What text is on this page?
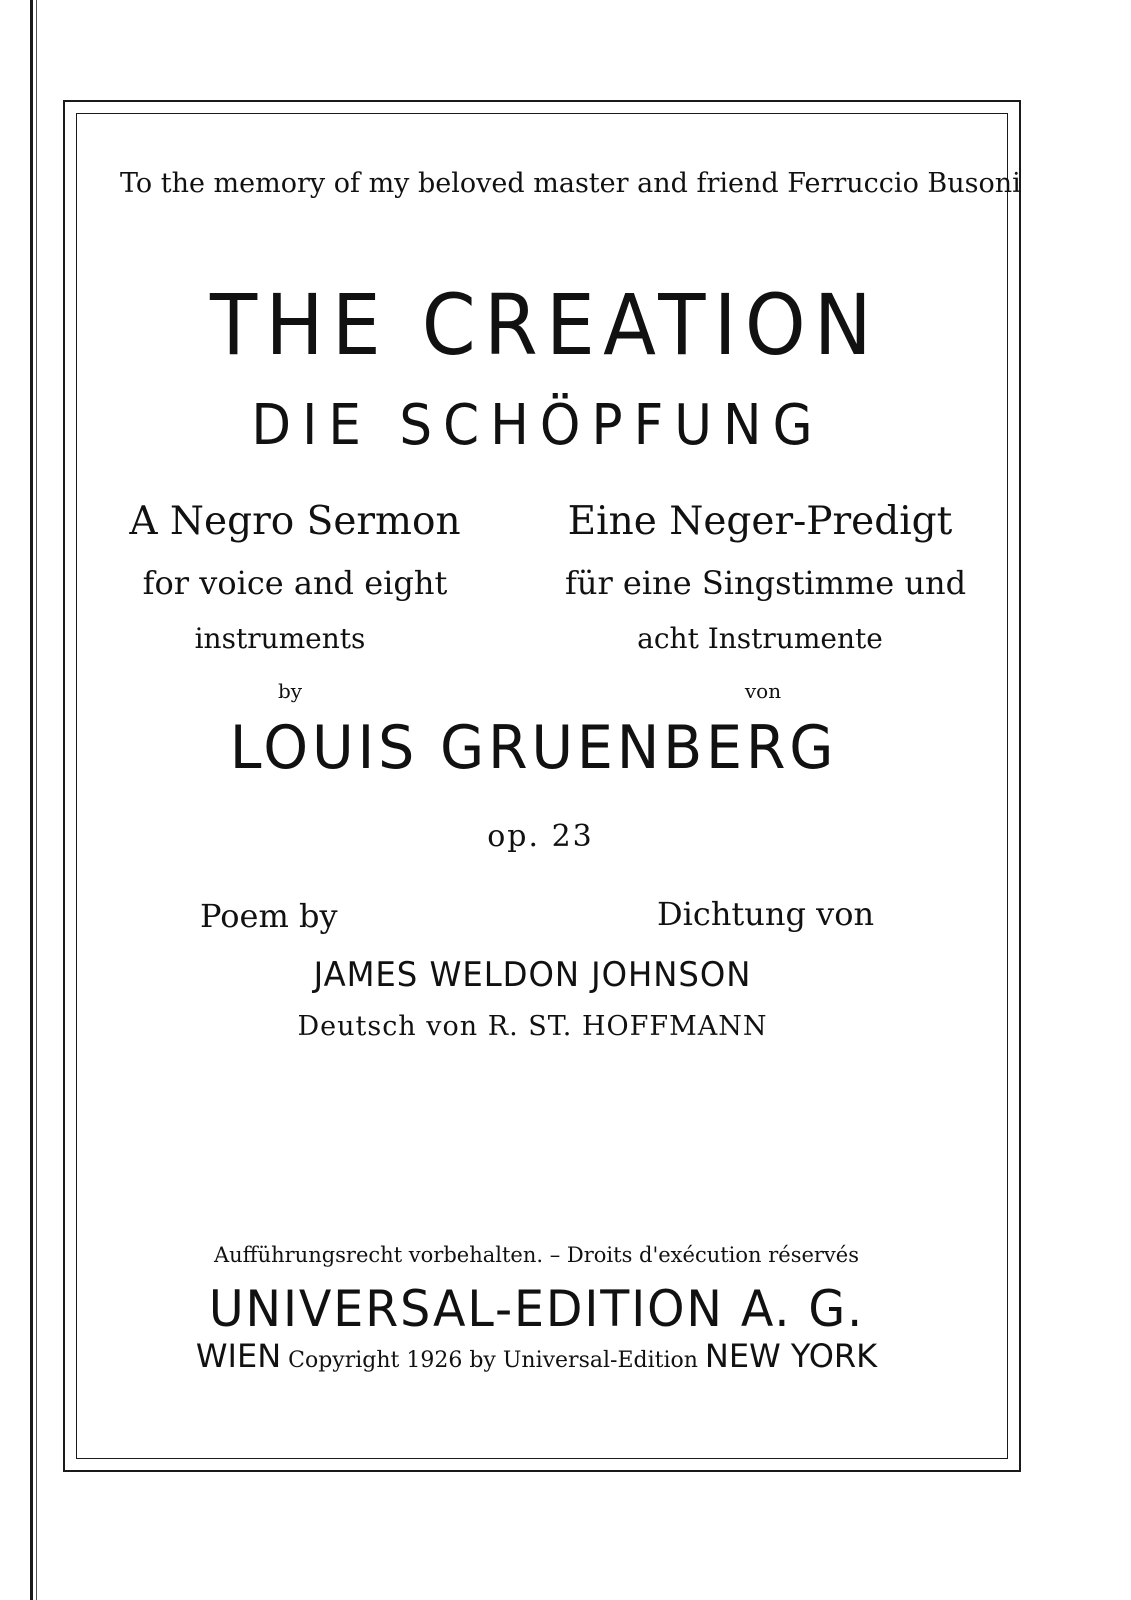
To the memory of my beloved master and friend Ferruccio Busoni
THE CREATION
DIE SCHÖPFUNG
A Negro Sermon	Eine Neger-Predigt
for voice and eight	für eine Singstimme und
instruments	acht Instrumente
by	von
LOUIS GRUENBERG
op. 23
Poem by	Dichtung von
JAMES WELDON JOHNSON
Deutsch von R. ST. HOFFMANN
Aufführungsrecht vorbehalten. – Droits d'exécution réservés
UNIVERSAL-EDITION A. G.
WIEN Copyright 1926 by Universal-Edition NEW YORK
